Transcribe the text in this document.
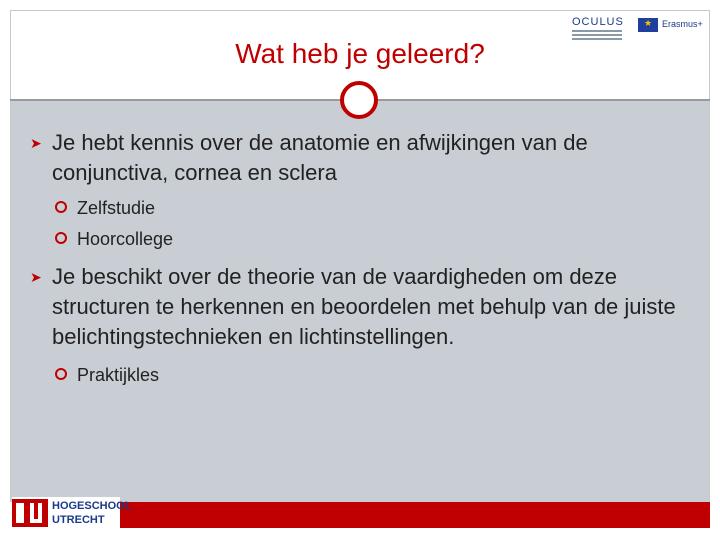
OCULUS
★	Erasmus+
Wat heb je geleerd?
➤ Je hebt kennis over de anatomie en afwijkingen van de conjunctiva, cornea en sclera
Zelfstudie
Hoorcollege
➤ Je beschikt over de theorie van de vaardigheden om deze structuren te herkennen en beoordelen met behulp van de juiste belichtingstechnieken en lichtinstellingen.
Praktijkles
HOGESCHOOL
UTRECHT
